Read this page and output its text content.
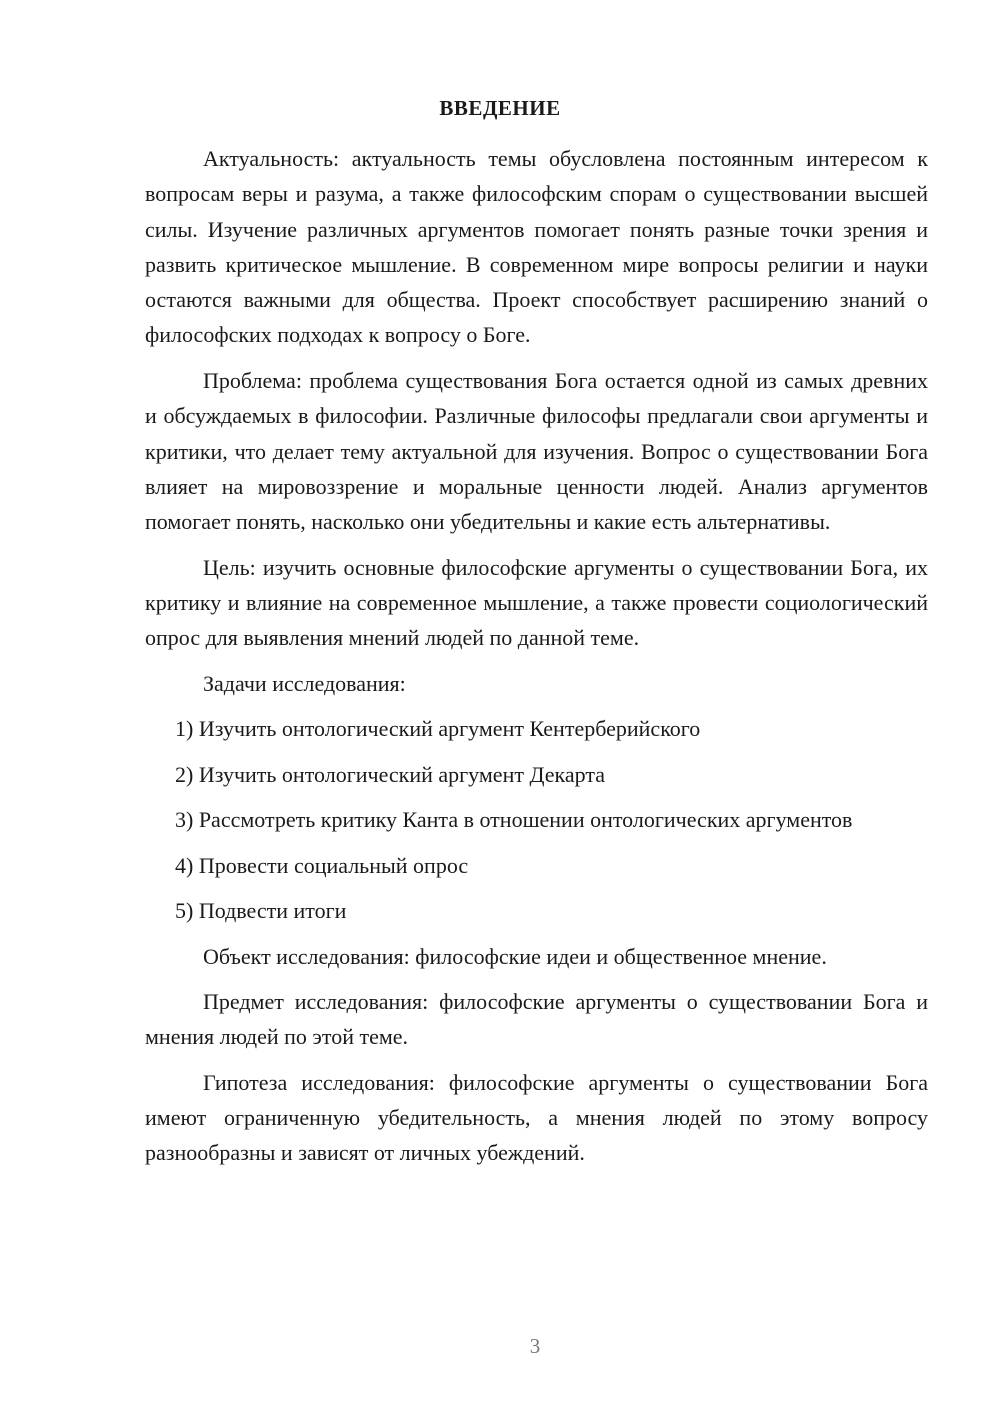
ВВЕДЕНИЕ

Актуальность: актуальность темы обусловлена постоянным интересом к вопросам веры и разума, а также философским спорам о существовании высшей силы. Изучение различных аргументов помогает понять разные точки зрения и развить критическое мышление. В современном мире вопросы религии и науки остаются важными для общества. Проект способствует расширению знаний о философских подходах к вопросу о Боге.

Проблема: проблема существования Бога остается одной из самых древних и обсуждаемых в философии. Различные философы предлагали свои аргументы и критики, что делает тему актуальной для изучения. Вопрос о существовании Бога влияет на мировоззрение и моральные ценности людей. Анализ аргументов помогает понять, насколько они убедительны и какие есть альтернативы.

Цель: изучить основные философские аргументы о существовании Бога, их критику и влияние на современное мышление, а также провести социологический опрос для выявления мнений людей по данной теме.

Задачи исследования:

1) Изучить онтологический аргумент Кентерберийского

2) Изучить онтологический аргумент Декарта

3) Рассмотреть критику Канта в отношении онтологических аргументов

4) Провести социальный опрос

5) Подвести итоги

Объект исследования: философские идеи и общественное мнение.

Предмет исследования: философские аргументы о существовании Бога и мнения людей по этой теме.

Гипотеза исследования: философские аргументы о существовании Бога имеют ограниченную убедительность, а мнения людей по этому вопросу разнообразны и зависят от личных убеждений.

3
